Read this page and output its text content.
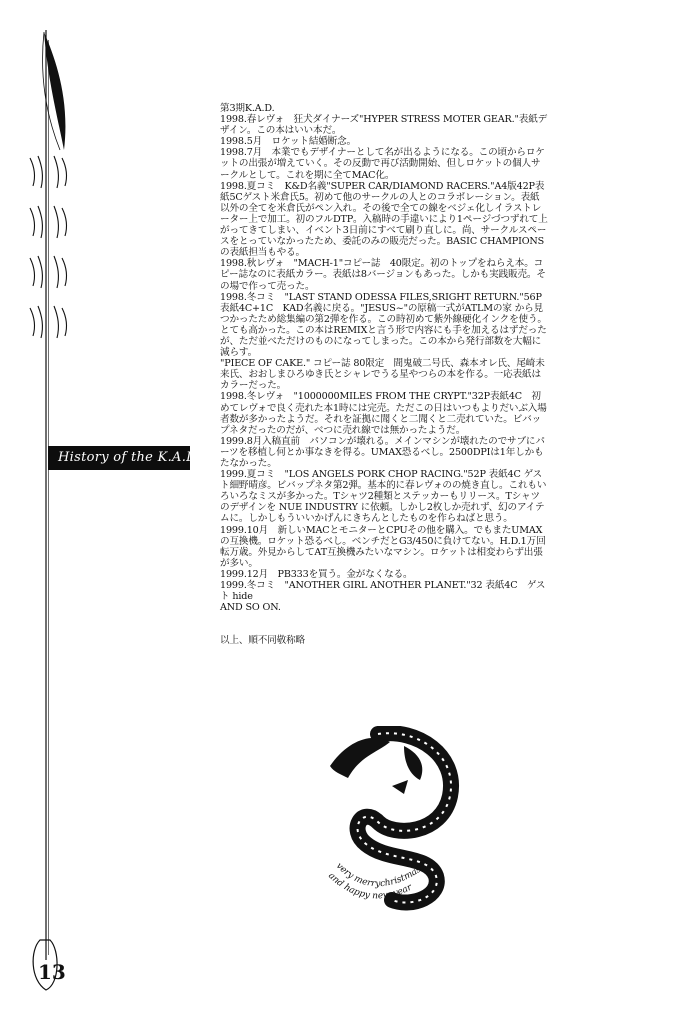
History of the K.A.D.
13

第3期K.A.D.

1998.春レヴォ　狂犬ダイナーズ"HYPER STRESS MOTER GEAR."表紙デザイン。この本はいい本だ。

1998.5月　ロケット結婚断念。

1998.7月　本業でもデザイナーとして名が出るようになる。この頃からロケットの出張が増えていく。その反動で再び活動開始、但しロケットの個人サークルとして。これを期に全てMAC化。

1998.夏コミ　K&D名義"SUPER CAR/DIAMOND RACERS."A4版42P表紙5Cゲスト米倉氏5。初めて他のサークルの人とのコラボレーション。表紙以外の全てを米倉氏がペン入れ。その後で全ての線をベジェ化しイラストレーター上で加工。初のフルDTP。入稿時の手違いにより1ページづつずれて上がってきてしまい、イベント3日前にすべて刷り直しに。尚、サークルスペースをとっていなかったため、委託のみの販売だった。BASIC CHAMPIONS の表紙担当もやる。

1998.秋レヴォ　"MACH-1"コピー誌　40限定。初のトップをねらえ本。コピー誌なのに表紙カラー。表紙は8バージョンもあった。しかも実践販売。その場で作って売った。

1998.冬コミ　"LAST STAND ODESSA FILES,SRIGHT RETURN."56P表紙4C+1C　KAD名義に戻る。"JESUS~"の原稿一式がATLMの家 から見つかったため総集編の第2弾を作る。この時初めて紫外線硬化インクを使う。とても高かった。この本はREMIXと言う形で内容にも手を加えるはずだったが、ただ並べただけのものになってしまった。この本から発行部数を大幅に減らす。

"PIECE OF CAKE." コピー誌 80限定　間鬼破二号氏、森本オレ氏、尾崎未来氏、おおしまひろゆき氏とシャレでうる星やつらの本を作る。一応表紙はカラーだった。

1998.冬レヴォ　"1000000MILES FROM THE CRYPT."32P表紙4C　初めてレヴォで良く売れた本1時には完売。ただこの日はいつもよりだいぶ入場者数が多かったようだ。それを証拠に聞くと二聞くと二売れていた。ビバップネタだったのだが、べつに売れ線では無かったようだ。

1999.8月入稿直前　パソコンが壊れる。メインマシンが壊れたのでサブにパーツを移植し何とか事なきを得る。UMAX恐るべし。2500DPIは1年しかもたなかった。

1999.夏コミ　"LOS ANGELS PORK CHOP RACING."52P 表紙4C ゲスト細野晴彦。ビバップネタ第2弾。基本的に春レヴォのの焼き直し。これもいろいろなミスが多かった。Tシャツ2種類とステッカーもリリース。Tシャツのデザインを NUE INDUSTRY に依頼。しかし2枚しか売れず、幻のアイテムに。しかしもういいかげんにきちんとしたものを作らねばと思う。

1999.10月　新しいMACとモニターとCPUその他を購入。でもまたUMAXの互換機。ロケット恐るべし。ベンチだとG3/450に負けてない。H.D.1万回転万歳。外見からしてAT互換機みたいなマシン。ロケットは相変わらず出張が多い。

1999.12月　PB333を買う。金がなくなる。

1999.冬コミ　"ANOTHER GIRL ANOTHER PLANET."32 表紙4C　ゲスト hide

AND SO ON.

以上、順不同敬称略

very merrychristmas
and happy new year
